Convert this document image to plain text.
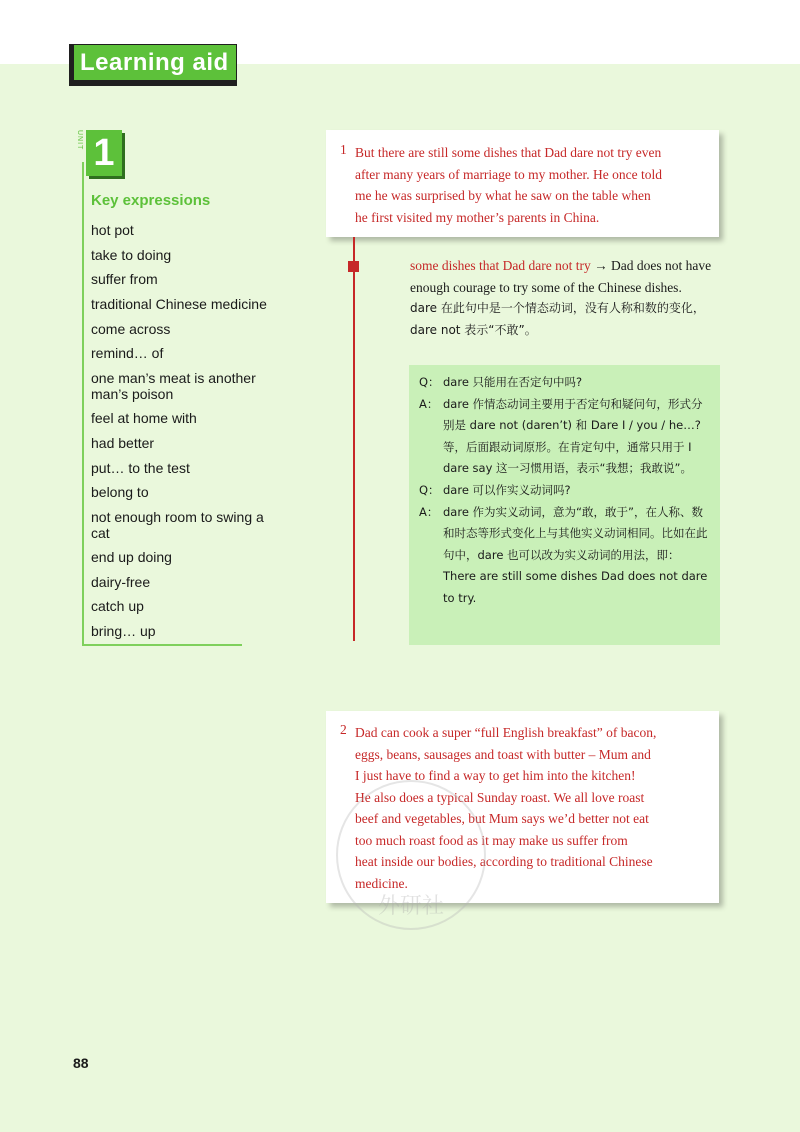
Learning aid
UNIT 1
Key expressions
hot pot
take to doing
suffer from
traditional Chinese medicine
come across
remind… of
one man’s meat is another man’s poison
feel at home with
had better
put… to the test
belong to
not enough room to swing a cat
end up doing
dairy-free
catch up
bring… up
1 But there are still some dishes that Dad dare not try even
after many years of marriage to my mother. He once told
me he was surprised by what he saw on the table when
he first visited my mother’s parents in China.
some dishes that Dad dare not try → Dad does not have enough courage to try some of the Chinese dishes.
dare 在此句中是一个情态动词，没有人称和数的变化，
dare not 表示“不敢”。
Q： dare 只能用在否定句中吗?
A： dare 作情态动词主要用于否定句和疑问句，形式分别是 dare not (daren’t) 和 Dare I / you / he…? 等，后面跟动词原形。在肯定句中，通常只用于 I dare say 这一习惯用语，表示“我想；我敢说”。
Q： dare 可以作实义动词吗?
A： dare 作为实义动词，意为“敢，敢于”，在人称、数和时态等形式变化上与其他实义动词相同。比如在此句中，dare 也可以改为实义动词的用法，即：There are still some dishes Dad does not dare to try.
2 Dad can cook a super “full English breakfast” of bacon,
eggs, beans, sausages and toast with butter – Mum and
I just have to find a way to get him into the kitchen!
He also does a typical Sunday roast. We all love roast
beef and vegetables, but Mum says we’d better not eat
too much roast food as it may make us suffer from
heat inside our bodies, according to traditional Chinese
medicine.
外研社
88
